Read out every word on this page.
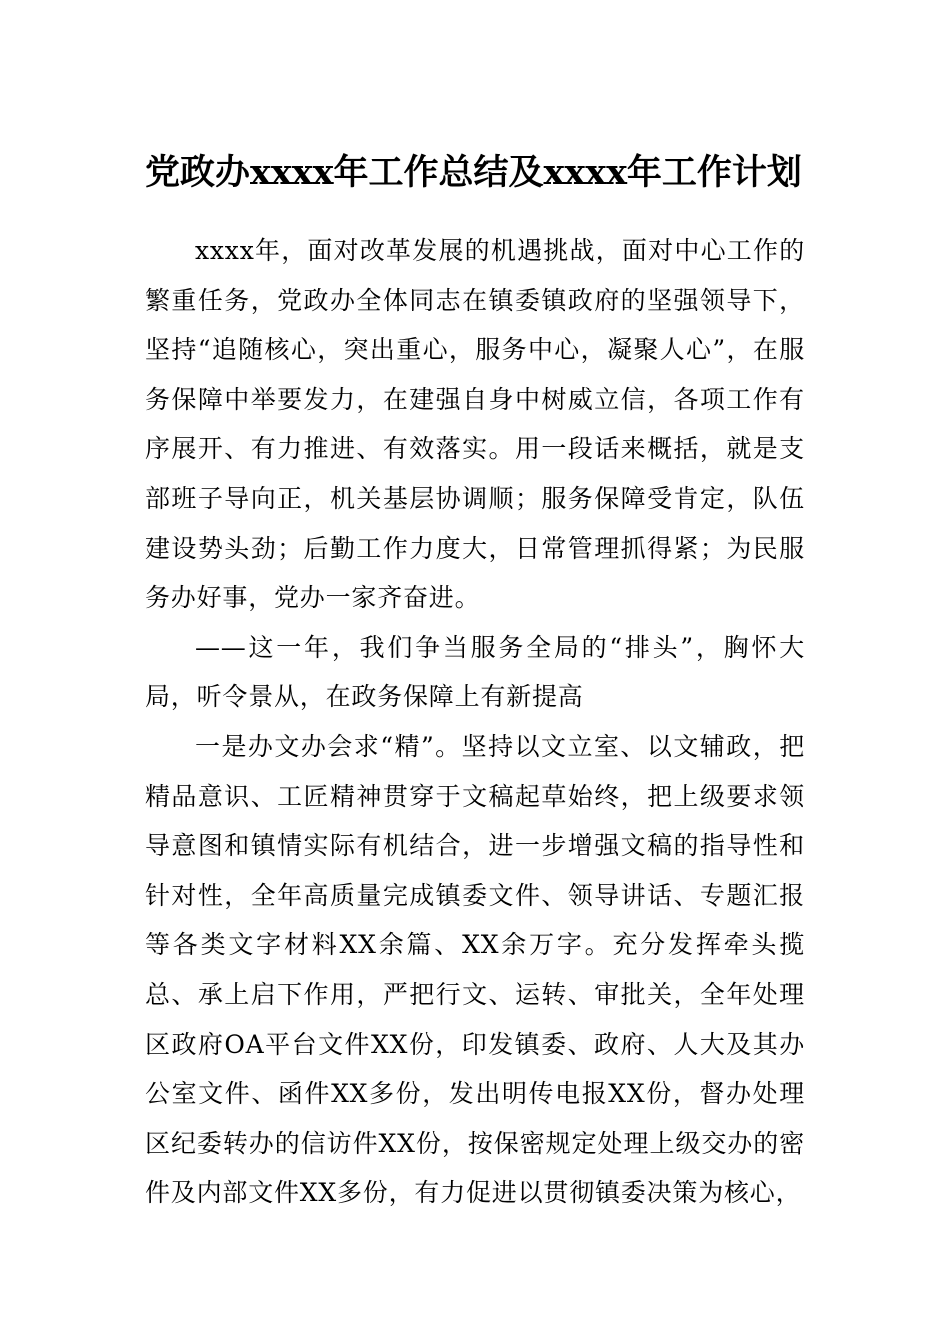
党政办xxxx年工作总结及xxxx年工作计划

xxxx年，面对改革发展的机遇挑战，面对中心工作的繁重任务，党政办全体同志在镇委镇政府的坚强领导下，坚持“追随核心，突出重心，服务中心，凝聚人心”，在服务保障中举要发力，在建强自身中树威立信，各项工作有序展开、有力推进、有效落实。用一段话来概括，就是支部班子导向正，机关基层协调顺；服务保障受肯定，队伍建设势头劲；后勤工作力度大，日常管理抓得紧；为民服务办好事，党办一家齐奋进。

——这一年，我们争当服务全局的“排头”，胸怀大局，听令景从，在政务保障上有新提高

一是办文办会求“精”。坚持以文立室、以文辅政，把精品意识、工匠精神贯穿于文稿起草始终，把上级要求领导意图和镇情实际有机结合，进一步增强文稿的指导性和针对性，全年高质量完成镇委文件、领导讲话、专题汇报等各类文字材料XX余篇、XX余万字。充分发挥牵头揽总、承上启下作用，严把行文、运转、审批关，全年处理区政府OA平台文件XX份，印发镇委、政府、人大及其办公室文件、函件XX多份，发出明传电报XX份，督办处理区纪委转办的信访件XX份，按保密规定处理上级交办的密件及内部文件XX多份，有力促进以贯彻镇委决策为核心，
